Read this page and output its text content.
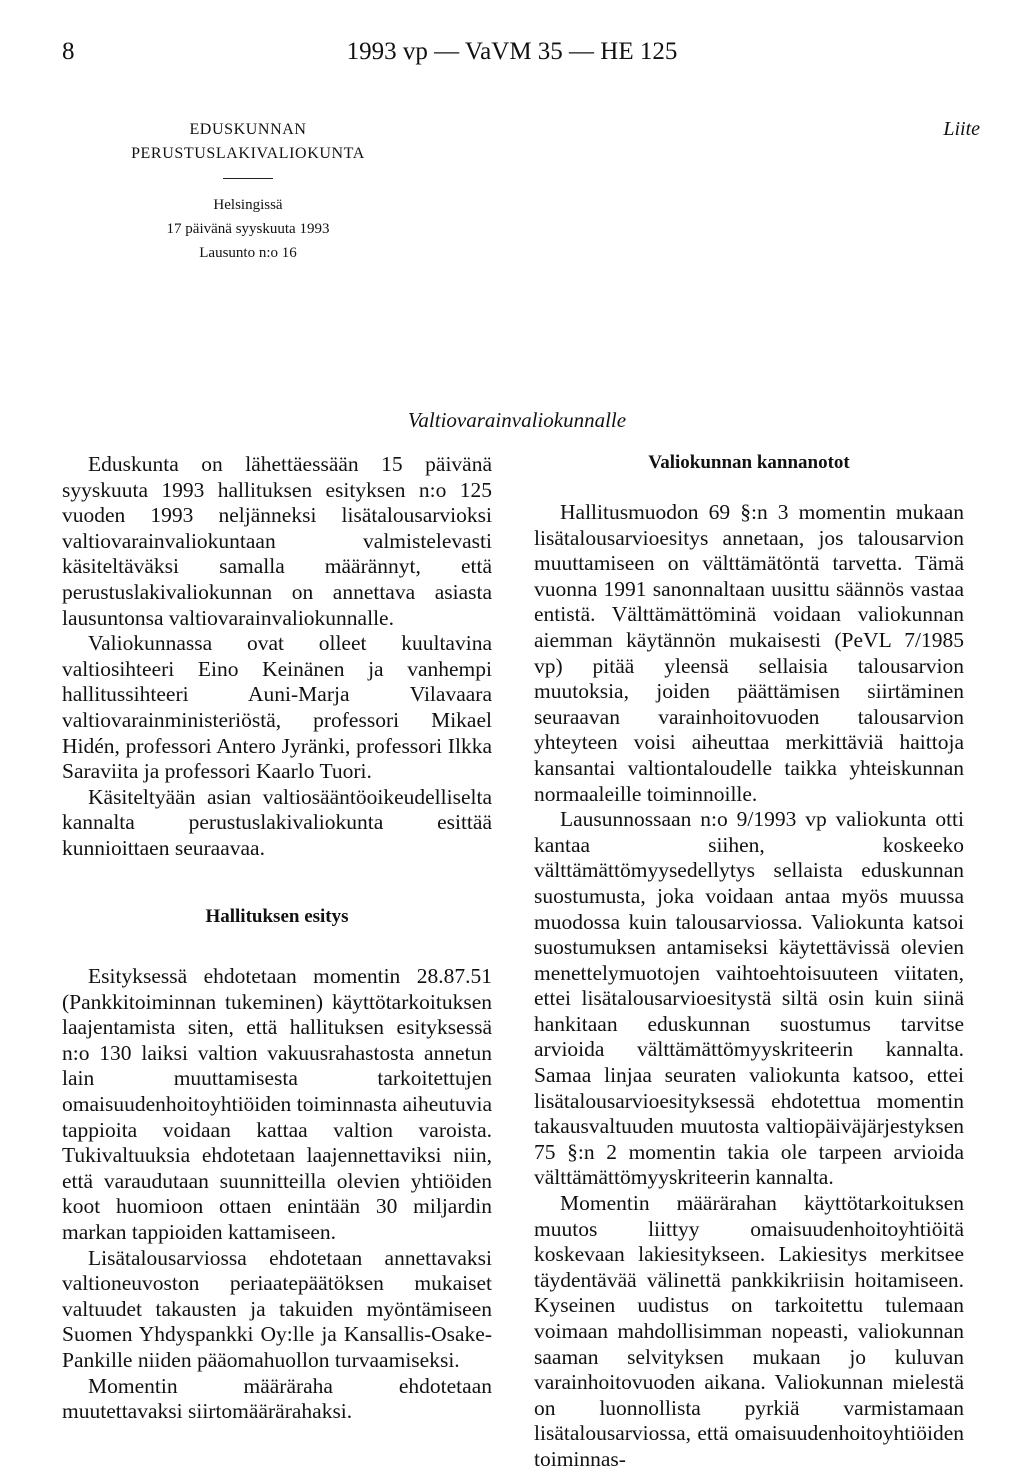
8	1993 vp — VaVM 35 — HE 125
EDUSKUNNAN
PERUSTUSLAKIVALIOKUNTA
Helsingissä
17 päivänä syyskuuta 1993
Lausunto n:o 16
Liite
Valtiovarainvaliokunnalle

Eduskunta on lähettäessään 15 päivänä syyskuuta 1993 hallituksen esityksen n:o 125 vuoden 1993 neljänneksi lisätalousarvioksi valtiovarainvaliokuntaan valmistelevasti käsiteltäväksi samalla määrännyt, että perustuslakivaliokunnan on annettava asiasta lausuntonsa valtiovarainvaliokunnalle.

Valiokunnassa ovat olleet kuultavina valtiosihteeri Eino Keinänen ja vanhempi hallitussihteeri Auni-Marja Vilavaara valtiovarainministeriöstä, professori Mikael Hidén, professori Antero Jyränki, professori Ilkka Saraviita ja professori Kaarlo Tuori.

Käsiteltyään asian valtiosääntöoikeudelliselta kannalta perustuslakivaliokunta esittää kunnioittaen seuraavaa.

Hallituksen esitys

Esityksessä ehdotetaan momentin 28.87.51 (Pankkitoiminnan tukeminen) käyttötarkoituksen laajentamista siten, että hallituksen esityksessä n:o 130 laiksi valtion vakuusrahastosta annetun lain muuttamisesta tarkoitettujen omaisuudenhoitoyhtiöiden toiminnasta aiheutuvia tappioita voidaan kattaa valtion varoista. Tukivaltuuksia ehdotetaan laajennettaviksi niin, että varaudutaan suunnitteilla olevien yhtiöiden koot huomioon ottaen enintään 30 miljardin markan tappioiden kattamiseen.

Lisätalousarviossa ehdotetaan annettavaksi valtioneuvoston periaatepäätöksen mukaiset valtuudet takausten ja takuiden myöntämiseen Suomen Yhdyspankki Oy:lle ja Kansallis-Osake-Pankille niiden pääomahuollon turvaamiseksi.

Momentin määräraha ehdotetaan muutettavaksi siirtomäärärahaksi.

Valiokunnan kannanotot

Hallitusmuodon 69 §:n 3 momentin mukaan lisätalousarvioesitys annetaan, jos talousarvion muuttamiseen on välttämätöntä tarvetta. Tämä vuonna 1991 sanonnaltaan uusittu säännös vastaa entistä. Välttämättöminä voidaan valiokunnan aiemman käytännön mukaisesti (PeVL 7/1985 vp) pitää yleensä sellaisia talousarvion muutoksia, joiden päättämisen siirtäminen seuraavan varainhoitovuoden talousarvion yhteyteen voisi aiheuttaa merkittäviä haittoja kansantai valtiontaloudelle taikka yhteiskunnan normaaleille toiminnoille.

Lausunnossaan n:o 9/1993 vp valiokunta otti kantaa siihen, koskeeko välttämättömyysedellytys sellaista eduskunnan suostumusta, joka voidaan antaa myös muussa muodossa kuin talousarviossa. Valiokunta katsoi suostumuksen antamiseksi käytettävissä olevien menettelymuotojen vaihtoehtoisuuteen viitaten, ettei lisätalousarvioesitystä siltä osin kuin siinä hankitaan eduskunnan suostumus tarvitse arvioida välttämättömyyskriteerin kannalta. Samaa linjaa seuraten valiokunta katsoo, ettei lisätalousarvioesityksessä ehdotettua momentin takausvaltuuden muutosta valtiopäiväjärjestyksen 75 §:n 2 momentin takia ole tarpeen arvioida välttämättömyyskriteerin kannalta.

Momentin määrärahan käyttötarkoituksen muutos liittyy omaisuudenhoitoyhtiöitä koskevaan lakiesitykseen. Lakiesitys merkitsee täydentävää välinettä pankkikriisin hoitamiseen. Kyseinen uudistus on tarkoitettu tulemaan voimaan mahdollisimman nopeasti, valiokunnan saaman selvityksen mukaan jo kuluvan varainhoitovuoden aikana. Valiokunnan mielestä on luonnollista pyrkiä varmistamaan lisätalousarviossa, että omaisuudenhoitoyhtiöiden toiminnas-
